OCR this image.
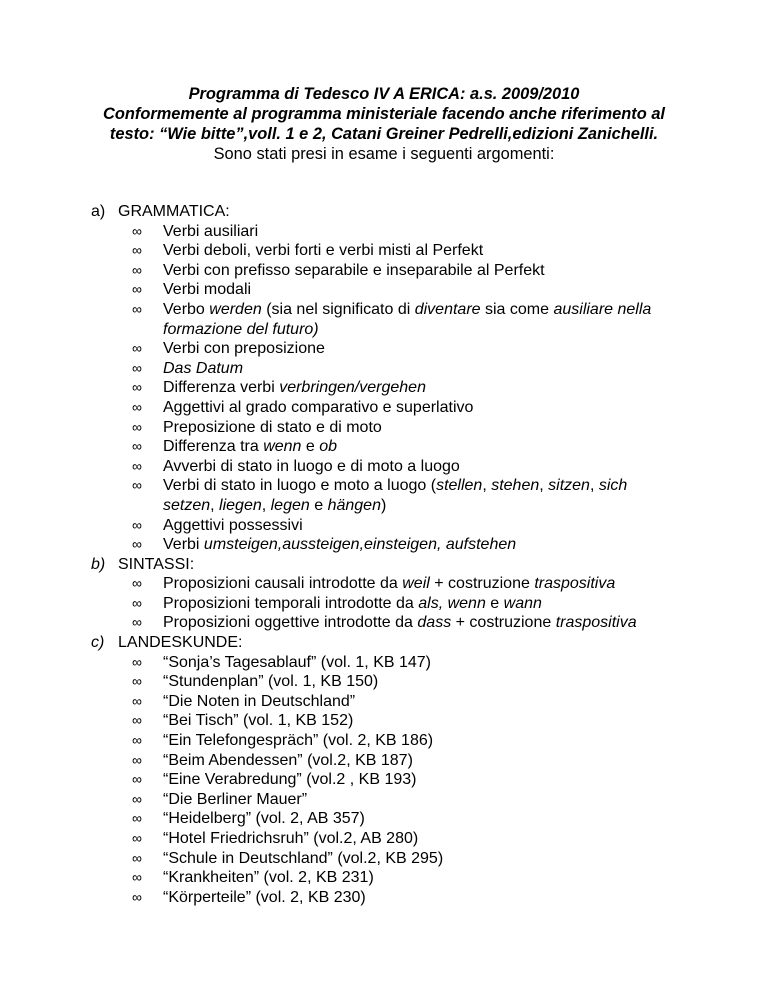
Programma di Tedesco IV A ERICA: a.s. 2009/2010
Conformemente al programma ministeriale facendo anche riferimento al
testo: “Wie bitte”,voll. 1 e 2, Catani Greiner Pedrelli,edizioni Zanichelli.
Sono stati presi in esame i seguenti argomenti:
a) GRAMMATICA:
∞ Verbi ausiliari
∞ Verbi deboli, verbi forti e verbi misti al Perfekt
∞ Verbi con prefisso separabile e inseparabile al Perfekt
∞ Verbi modali
∞ Verbo werden (sia nel significato di diventare sia come ausiliare nella formazione del futuro)
∞ Verbi con preposizione
∞ Das Datum
∞ Differenza verbi verbringen/vergehen
∞ Aggettivi al grado comparativo e superlativo
∞ Preposizione di stato e di moto
∞ Differenza tra wenn e ob
∞ Avverbi di stato in luogo e di moto a luogo
∞ Verbi di stato in luogo e moto a luogo (stellen, stehen, sitzen, sich setzen, liegen, legen e hängen)
∞ Aggettivi possessivi
∞ Verbi umsteigen,aussteigen,einsteigen, aufstehen
b) SINTASSI:
∞ Proposizioni causali introdotte da weil + costruzione traspositiva
∞ Proposizioni temporali introdotte da als, wenn e wann
∞ Proposizioni oggettive introdotte da dass + costruzione traspositiva
c) LANDESKUNDE:
∞ “Sonja’s Tagesablauf” (vol. 1, KB 147)
∞ “Stundenplan” (vol. 1, KB 150)
∞ “Die Noten in Deutschland”
∞ “Bei Tisch” (vol. 1, KB 152)
∞ “Ein Telefongespräch” (vol. 2, KB 186)
∞ “Beim Abendessen” (vol.2, KB 187)
∞ “Eine Verabredung” (vol.2 , KB 193)
∞ “Die Berliner Mauer”
∞ “Heidelberg” (vol. 2, AB 357)
∞ “Hotel Friedrichsruh” (vol.2, AB 280)
∞ “Schule in Deutschland” (vol.2, KB 295)
∞ “Krankheiten” (vol. 2, KB 231)
∞ “Körperteile” (vol. 2, KB 230)
